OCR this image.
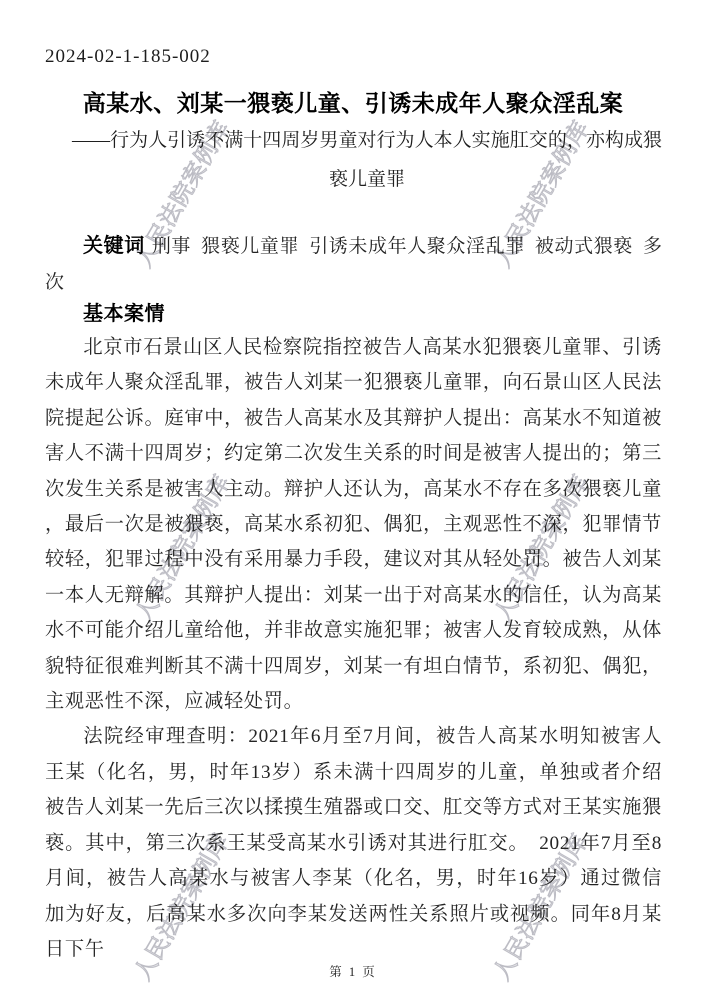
人民法院案例库	人民法院案例库
人民法院案例库	人民法院案例库
人民法院案例库	人民法院案例库
2024-02-1-185-002
高某水、刘某一猥亵儿童、引诱未成年人聚众淫乱案
——行为人引诱不满十四周岁男童对行为人本人实施肛交的，亦构成猥亵儿童罪

关键词 刑事 猥亵儿童罪 引诱未成年人聚众淫乱罪 被动式猥亵 多次

基本案情

北京市石景山区人民检察院指控被告人高某水犯猥亵儿童罪、引诱未成年人聚众淫乱罪，被告人刘某一犯猥亵儿童罪，向石景山区人民法院提起公诉。庭审中，被告人高某水及其辩护人提出：高某水不知道被害人不满十四周岁；约定第二次发生关系的时间是被害人提出的；第三次发生关系是被害人主动。辩护人还认为，高某水不存在多次猥亵儿童，最后一次是被猥亵，高某水系初犯、偶犯，主观恶性不深，犯罪情节较轻，犯罪过程中没有采用暴力手段，建议对其从轻处罚。被告人刘某一本人无辩解。其辩护人提出：刘某一出于对高某水的信任，认为高某水不可能介绍儿童给他，并非故意实施犯罪；被害人发育较成熟，从体貌特征很难判断其不满十四周岁，刘某一有坦白情节，系初犯、偶犯，主观恶性不深，应减轻处罚。

法院经审理查明：2021年6月至7月间，被告人高某水明知被害人王某（化名，男，时年13岁）系未满十四周岁的儿童，单独或者介绍被告人刘某一先后三次以揉摸生殖器或口交、肛交等方式对王某实施猥亵。其中，第三次系王某受高某水引诱对其进行肛交。　2021年7月至8月间，被告人高某水与被害人李某（化名，男，时年16岁）通过微信加为好友，后高某水多次向李某发送两性关系照片或视频。同年8月某日下午

第 1 页
